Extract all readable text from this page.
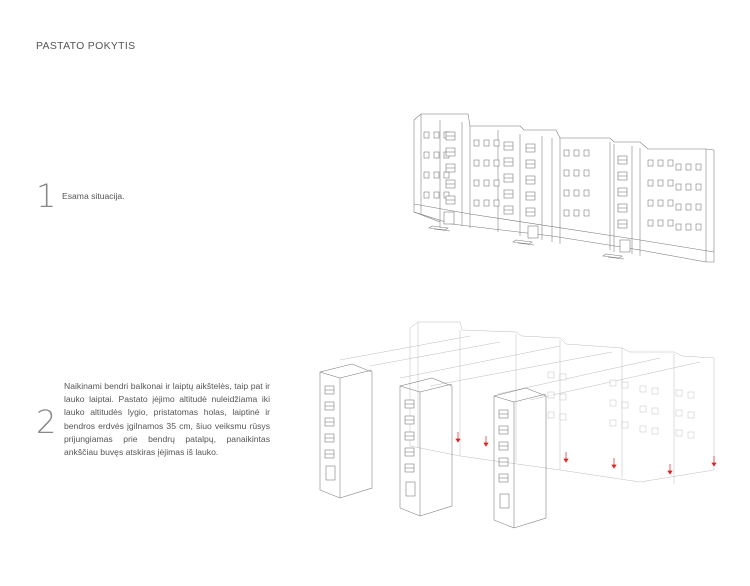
PASTATO POKYTIS
1 Esama situacija.
2
Naikinami bendri balkonai ir laiptų aikštelės, taip pat ir lauko laiptai. Pastato įėjimo altitudė nuleidžiama iki lauko altitudės lygio, pristatomas holas, laiptinė ir bendros erdvės įgilnamos 35 cm, šiuo veiksmu rūsys prijungiamas prie bendrų patalpų, panaikintas ankščiau buvęs atskiras įėjimas iš lauko.
